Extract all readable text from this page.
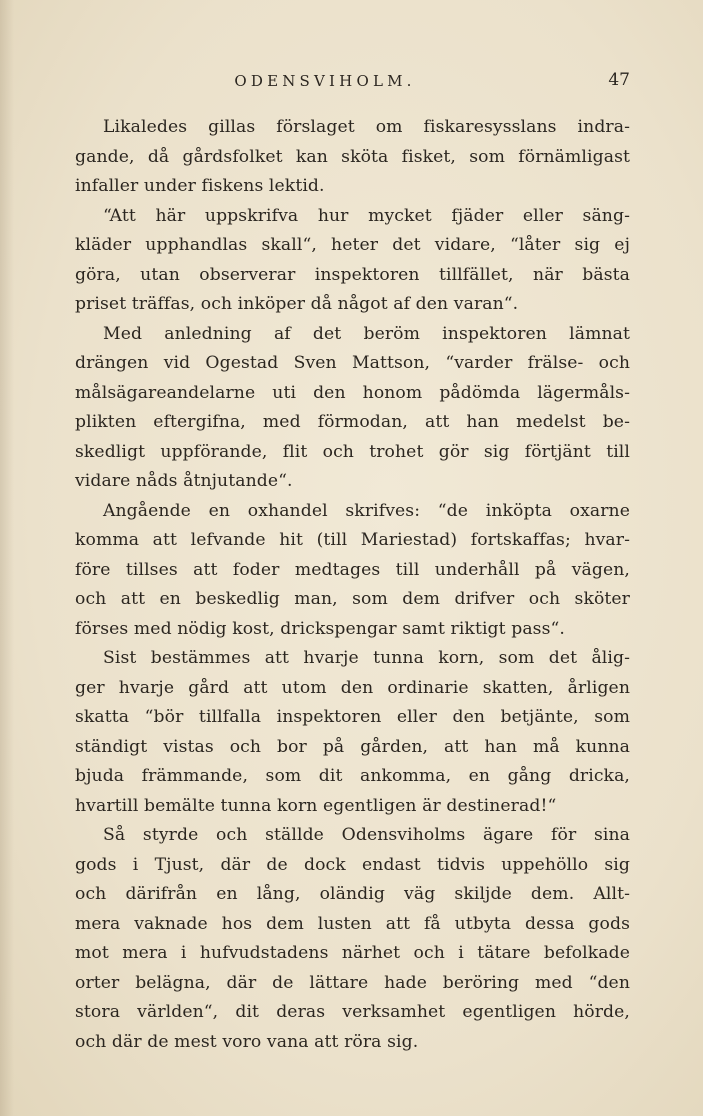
ODENSVIHOLM.	47
Likaledes gillas förslaget om fiskaresysslans indra-
gande, då gårdsfolket kan sköta fisket, som förnämligast
infaller under fiskens lektid.
“Att här uppskrifva hur mycket fjäder eller säng-
kläder upphandlas skall“, heter det vidare, “låter sig ej
göra, utan observerar inspektoren tillfället, när bästa
priset träffas, och inköper då något af den varan“.
Med anledning af det beröm inspektoren lämnat
drängen vid Ogestad Sven Mattson, “varder frälse- och
målsägareandelarne uti den honom pådömda lägermåls-
plikten eftergifna, med förmodan, att han medelst be-
skedligt uppförande, flit och trohet gör sig förtjänt till
vidare nåds åtnjutande“.
Angående en oxhandel skrifves: “de inköpta oxarne
komma att lefvande hit (till Mariestad) fortskaffas; hvar-
före tillses att foder medtages till underhåll på vägen,
och att en beskedlig man, som dem drifver och sköter
förses med nödig kost, drickspengar samt riktigt pass“.
Sist bestämmes att hvarje tunna korn, som det ålig-
ger hvarje gård att utom den ordinarie skatten, årligen
skatta “bör tillfalla inspektoren eller den betjänte, som
ständigt vistas och bor på gården, att han må kunna
bjuda främmande, som dit ankomma, en gång dricka,
hvartill bemälte tunna korn egentligen är destinerad!“
Så styrde och ställde Odensviholms ägare för sina
gods i Tjust, där de dock endast tidvis uppehöllo sig
och därifrån en lång, oländig väg skiljde dem. Allt-
mera vaknade hos dem lusten att få utbyta dessa gods
mot mera i hufvudstadens närhet och i tätare befolkade
orter belägna, där de lättare hade beröring med “den
stora världen“, dit deras verksamhet egentligen hörde,
och där de mest voro vana att röra sig.
